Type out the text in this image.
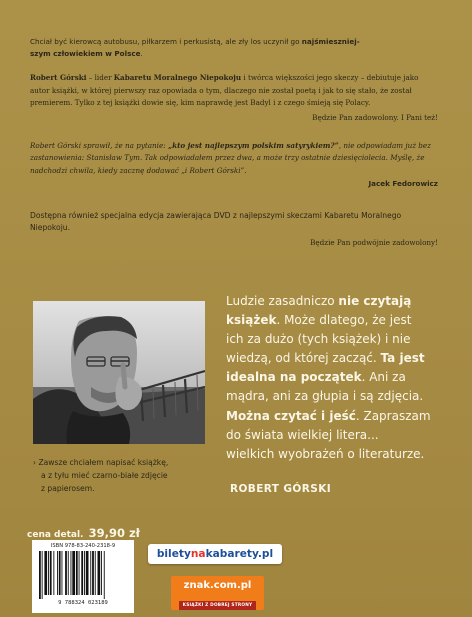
Chciał być kierowcą autobusu, piłkarzem i perkusistą, ale zły los uczynił go najśmieszniej-
szym człowiekiem w Polsce.

Robert Górski – lider Kabaretu Moralnego Niepokoju i twórca większości jego skeczy – debiutuje jako autor książki, w której pierwszy raz opowiada o tym, dlaczego nie został poetą i jak to się stało, że został premierem. Tylko z tej książki dowie się, kim naprawdę jest Badyl i z czego śmieją się Polacy.

Będzie Pan zadowolony. I Pani też!

Robert Górski sprawił, że na pytanie: „kto jest najlepszym polskim satyrykiem?”, nie odpowiadam już bez zastanowienia: Stanisław Tym. Tak odpowiadałem przez dwa, a może trzy ostatnie dziesięciolecia. Myślę, że nadchodzi chwila, kiedy zacznę dodawać „i Robert Górski”.

Jacek Fedorowicz

Dostępna również specjalna edycja zawierająca DVD z najlepszymi skeczami Kabaretu Moralnego Niepokoju.

Będzie Pan podwójnie zadowolony!

› Zawsze chciałem napisać książkę,
a z tyłu mieć czarno-białe zdjęcie
z papierosem.
Ludzie zasadniczo nie czytają
książek. Może dlatego, że jest
ich za dużo (tych książek) i nie
wiedzą, od której zacząć. Ta jest
idealna na początek. Ani za
mądra, ani za głupia i są zdjęcia.
Można czytać i jeść. Zapraszam
do świata wielkiej litera...
wielkich wyobrażeń o literaturze.
ROBERT GÓRSKI
cena detal. 39,90 zł
ISBN 978-83-240-2318-9
9 788324 023189
biletynakabarety.pl
znak.com.pl
KSIĄŻKI Z DOBREJ STRONY
